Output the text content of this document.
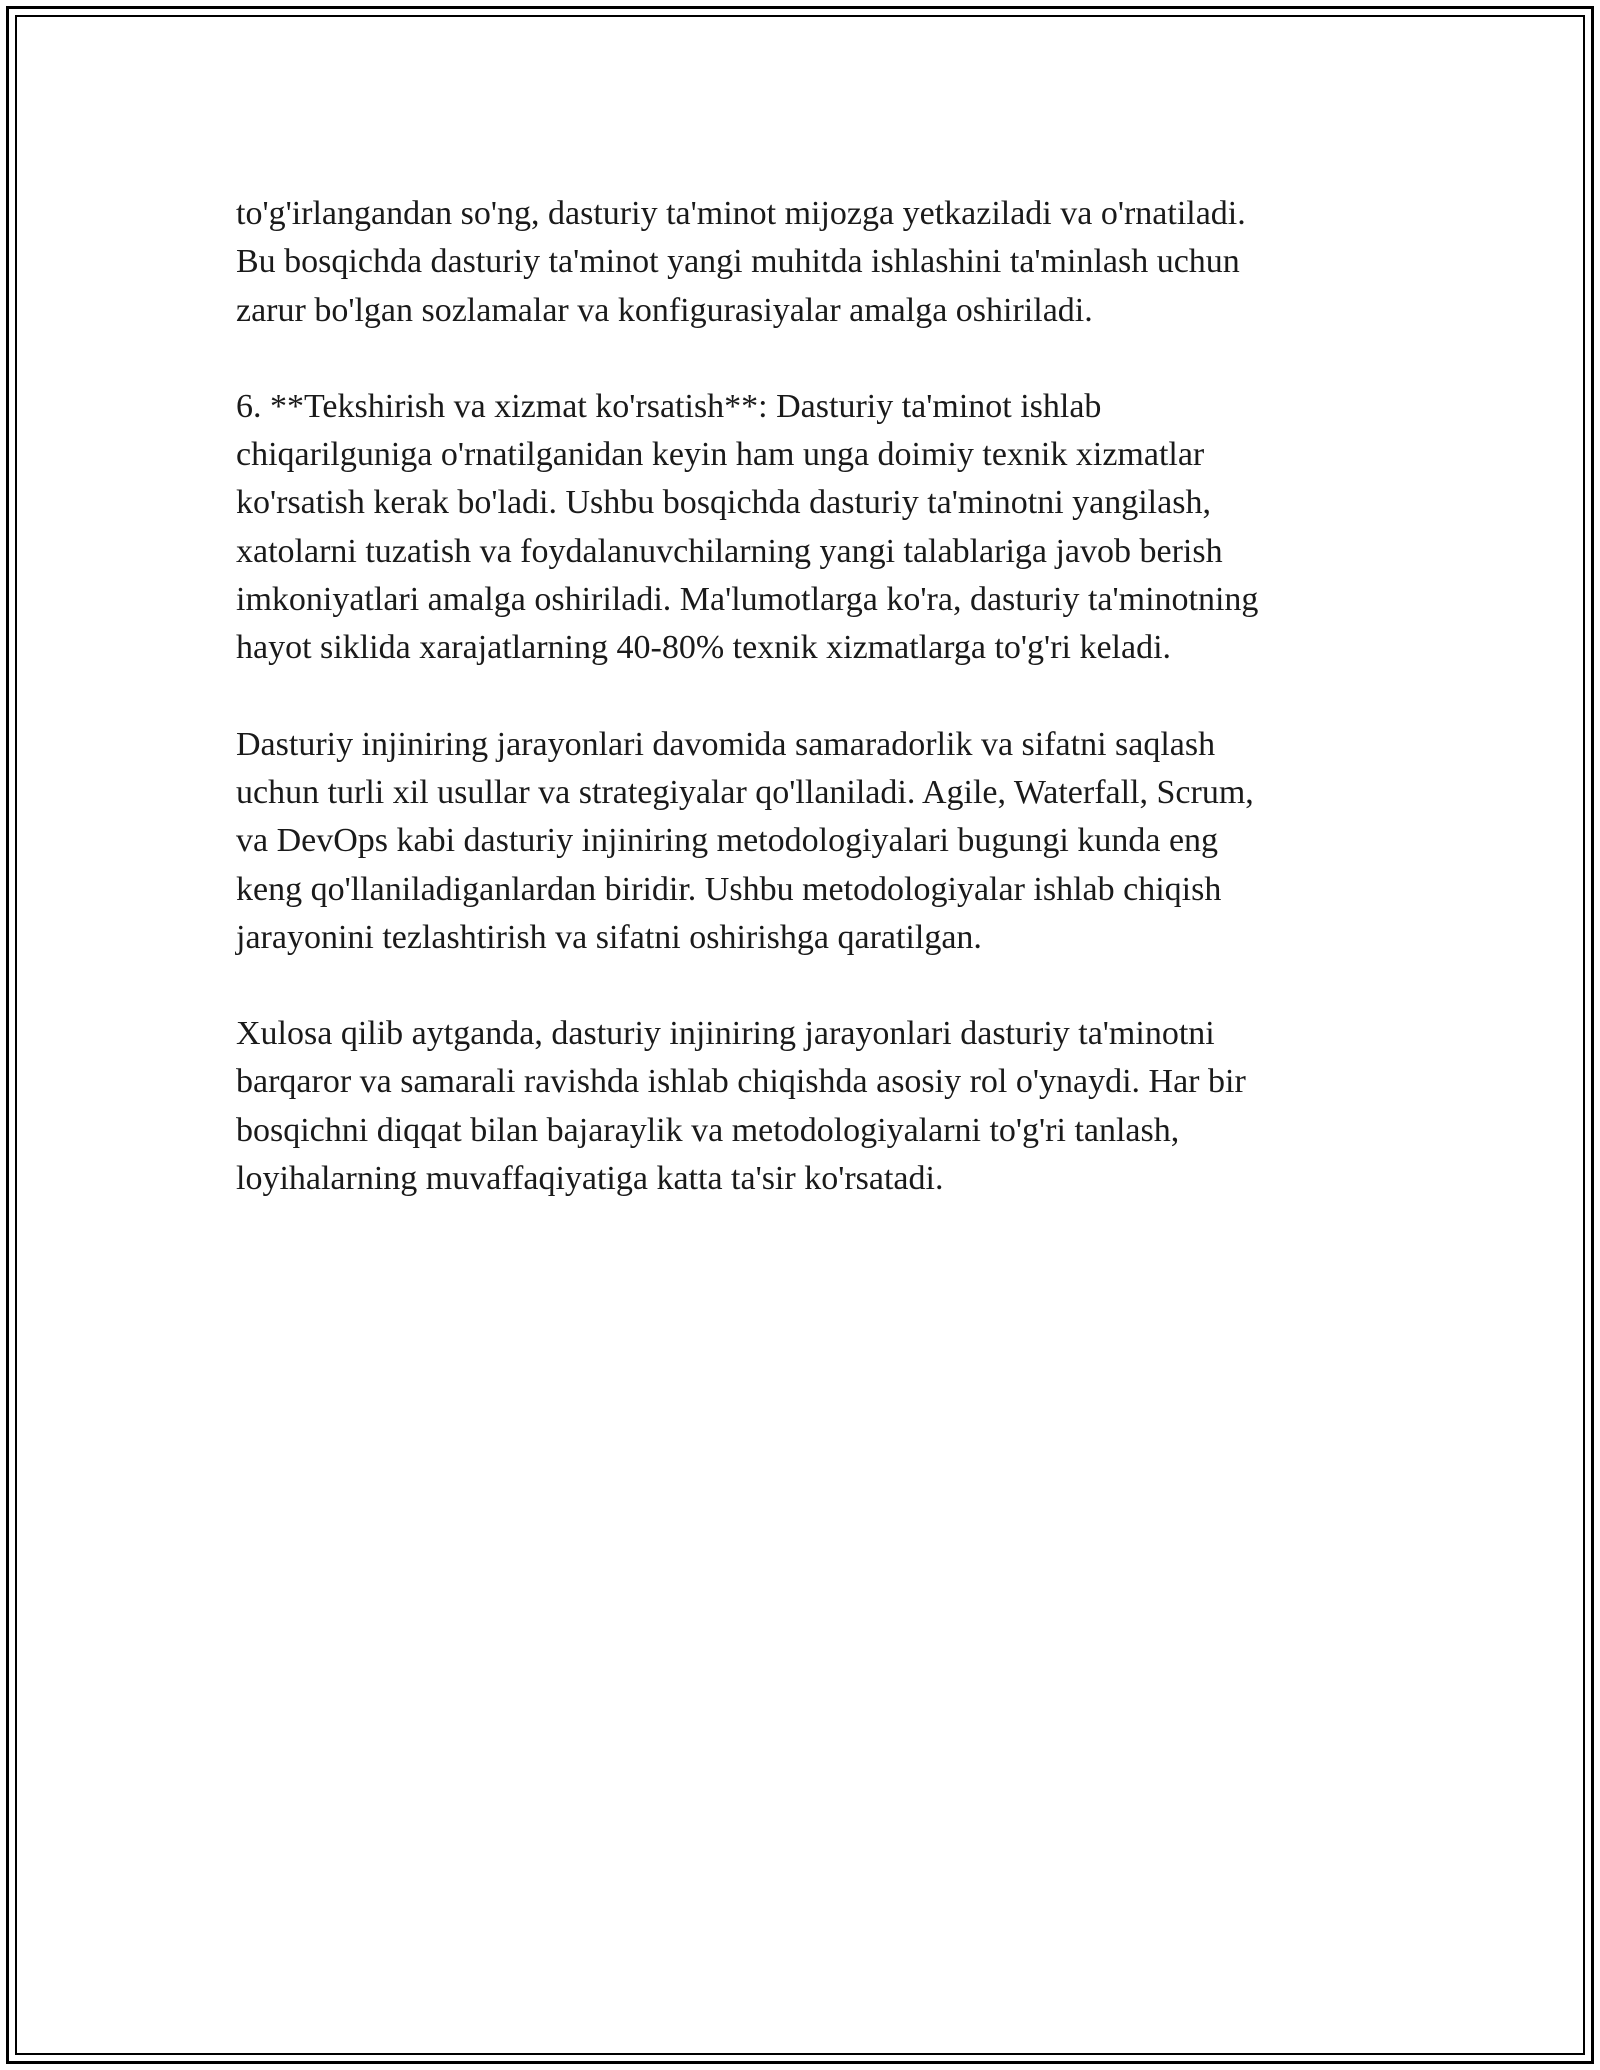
to'g'irlangandan so'ng, dasturiy ta'minot mijozga yetkaziladi va o'rnatiladi.
Bu bosqichda dasturiy ta'minot yangi muhitda ishlashini ta'minlash uchun
zarur bo'lgan sozlamalar va konfigurasiyalar amalga oshiriladi.

6. **Tekshirish va xizmat ko'rsatish**: Dasturiy ta'minot ishlab
chiqarilguniga o'rnatilganidan keyin ham unga doimiy texnik xizmatlar
ko'rsatish kerak bo'ladi. Ushbu bosqichda dasturiy ta'minotni yangilash,
xatolarni tuzatish va foydalanuvchilarning yangi talablariga javob berish
imkoniyatlari amalga oshiriladi. Ma'lumotlarga ko'ra, dasturiy ta'minotning
hayot siklida xarajatlarning 40-80% texnik xizmatlarga to'g'ri keladi.

Dasturiy injiniring jarayonlari davomida samaradorlik va sifatni saqlash
uchun turli xil usullar va strategiyalar qo'llaniladi. Agile, Waterfall, Scrum,
va DevOps kabi dasturiy injiniring metodologiyalari bugungi kunda eng
keng qo'llaniladiganlardan biridir. Ushbu metodologiyalar ishlab chiqish
jarayonini tezlashtirish va sifatni oshirishga qaratilgan.

Xulosa qilib aytganda, dasturiy injiniring jarayonlari dasturiy ta'minotni
barqaror va samarali ravishda ishlab chiqishda asosiy rol o'ynaydi. Har bir
bosqichni diqqat bilan bajaraylik va metodologiyalarni to'g'ri tanlash,
loyihalarning muvaffaqiyatiga katta ta'sir ko'rsatadi.
